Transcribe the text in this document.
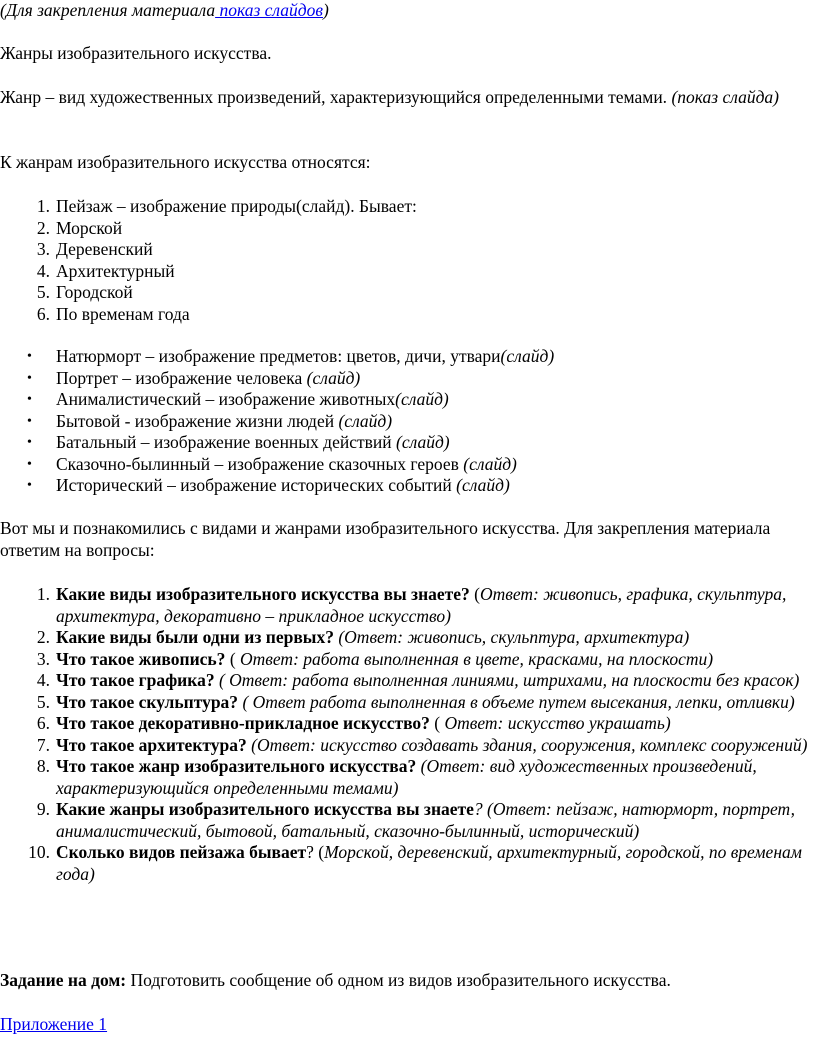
(Для закрепления материала показ слайдов)

Жанры изобразительного искусства.

Жанр – вид художественных произведений, характеризующийся определенными темами. (показ слайда)

К жанрам изобразительного искусства относятся:

1. Пейзаж – изображение природы(слайд). Бывает:
2. Морской
3. Деревенский
4. Архитектурный
5. Городской
6. По временам года
• Натюрморт – изображение предметов: цветов, дичи, утвари(слайд)
• Портрет – изображение человека (слайд)
• Анималистический – изображение животных(слайд)
• Бытовой - изображение жизни людей (слайд)
• Батальный – изображение военных действий (слайд)
• Сказочно-былинный – изображение сказочных героев (слайд)
• Исторический – изображение исторических событий (слайд)

Вот мы и познакомились с видами и жанрами изобразительного искусства. Для закрепления материала ответим на вопросы:

1. Какие виды изобразительного искусства вы знаете? (Ответ: живопись, графика, скульптура, архитектура, декоративно – прикладное искусство)
2. Какие виды были одни из первых? (Ответ: живопись, скульптура, архитектура)
3. Что такое живопись? ( Ответ: работа выполненная в цвете, красками, на плоскости)
4. Что такое графика? ( Ответ: работа выполненная линиями, штрихами, на плоскости без красок)
5. Что такое скульптура? ( Ответ работа выполненная в объеме путем высекания, лепки, отливки)
6. Что такое декоративно-прикладное искусство? ( Ответ: искусство украшать)
7. Что такое архитектура? (Ответ: искусство создавать здания, сооружения, комплекс сооружений)
8. Что такое жанр изобразительного искусства? (Ответ: вид художественных произведений, характеризующийся определенными темами)
9. Какие жанры изобразительного искусства вы знаете? (Ответ: пейзаж, натюрморт, портрет, анималистический, бытовой, батальный, сказочно-былинный, исторический)
10. Сколько видов пейзажа бывает? (Морской, деревенский, архитектурный, городской, по временам года)

Задание на дом: Подготовить сообщение об одном из видов изобразительного искусства.

Приложение 1
